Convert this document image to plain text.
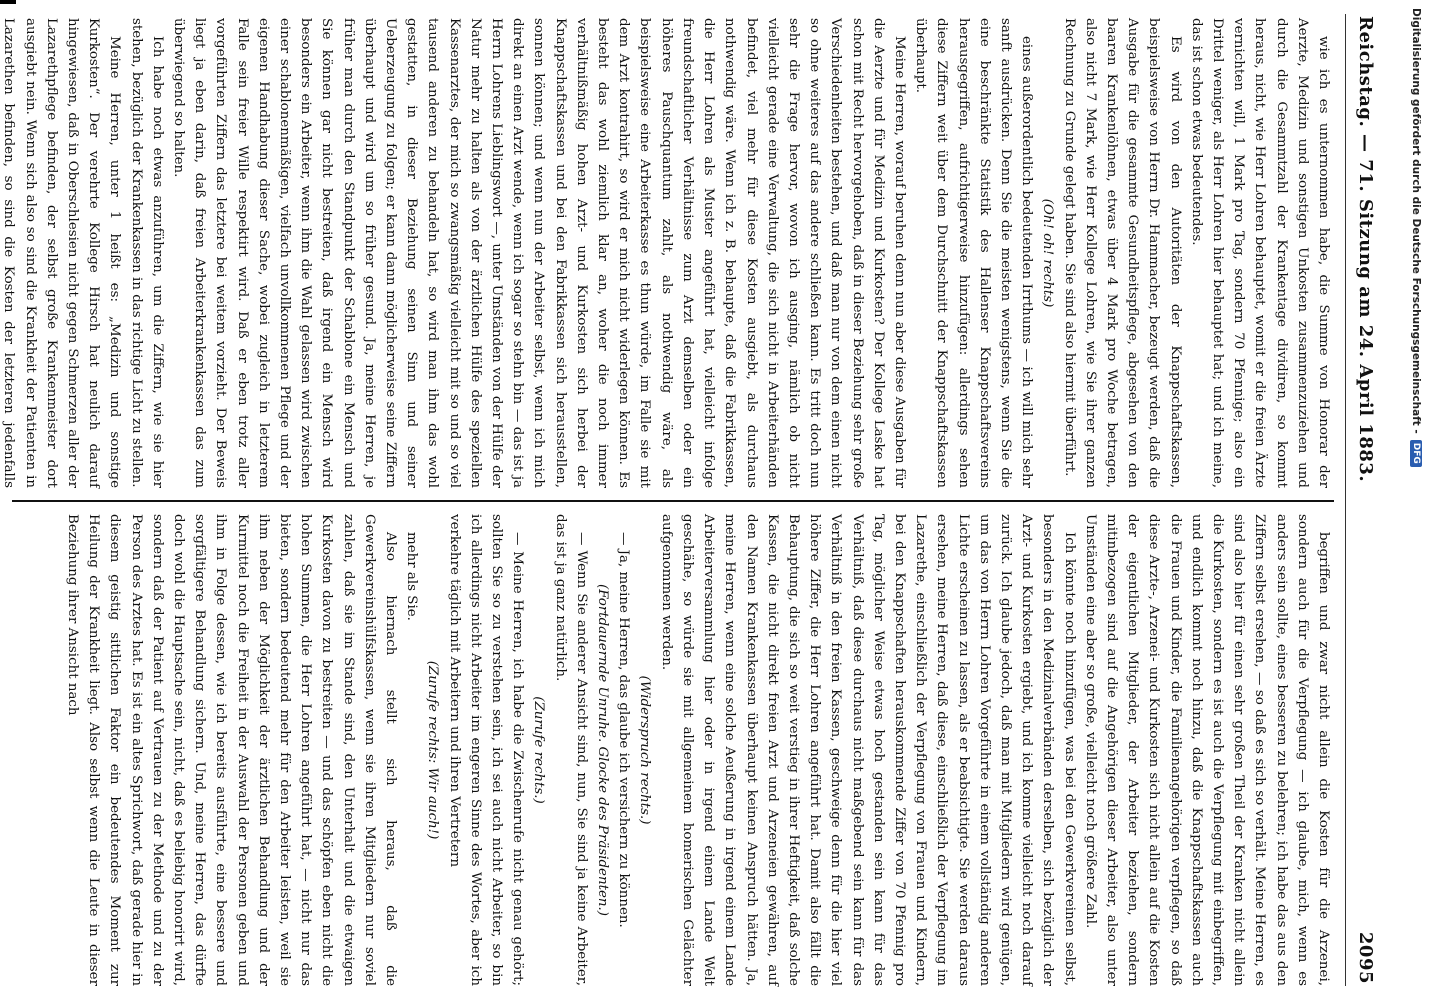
Reichstag. — 71. Sitzung am 24. April 1883.
2095

wie ich es unternommen habe, die Summe von Honorar der Aerzte, Medizin und sonstigen Unkosten zusammenzuziehen und durch die Gesammtzahl der Krankentage dividiren, so kommt heraus, nicht, wie Herr Lohren behauptet, womit er die freien Ärzte vernichten will, 1 Mark pro Tag, sondern 70 Pfennige; also ein Drittel weniger, als Herr Lohren hier behauptet hat; und ich meine, das ist schon etwas bedeutendes.

Es wird von den Autoritäten der Knappschaftskassen, beispielsweise von Herrn Dr. Hammacher, bezeugt werden, daß die Ausgabe für die gesammte Gesundheitspflege, abgesehen von den baaren Krankenlöhnen, etwas über 4 Mark pro Woche betragen, also nicht 7 Mark, wie Herr Kollege Lohren, wie Sie ihrer ganzen Rechnung zu Grunde gelegt haben. Sie sind also hiermit überführt.

(Oh! oh! rechts)

eines außerordentlich bedeutenden Irrthums — ich will mich sehr sanft ausdrücken. Denn Sie die meisten wenigstens, wenn Sie die eine beschränkte Statistik des Hallenser Knappschaftsvereins herausgegriffen, aufrichtigerweise hinzufügen: allerdings sehen diese Ziffern weit über dem Durchschnitt der Knappschaftskassen überhaupt.

Meine Herren, worauf beruhen denn nun aber diese Ausgaben für die Aerzte und für Medizin und Kurkosten? Der Kollege Laske hat schon mit Recht hervorgehoben, daß in dieser Beziehung sehr große Verschiedenheiten bestehen, und daß man nur von dem einen nicht so ohne weiteres auf das andere schließen kann. Es tritt doch nun sehr die Frage hervor, wovon ich ausging, nämlich ob nicht vielleicht gerade eine Verwaltung, die sich nicht in Arbeiterhänden befindet, viel mehr für diese Kosten ausgiebt, als durchaus nothwendig wäre. Wenn ich z. B. behaupte, daß die Fabrikkassen, die Herr Lohren als Muster angeführt hat, vielleicht infolge freundschaftlicher Verhältnisse zum Arzt demselben oder ein höheres Pauschquantum zahlt, als nothwendig wäre, als beispielsweise eine Arbeiterkasse es thun würde, im Falle sie mit dem Arzt kontrahirt, so wird er mich nicht widerlegen können. Es besteht das wohl ziemlich klar an, woher die noch immer verhältnißmäßig hohen Arzt- und Kurkosten sich herbei der Knappschaftskassen und bei den Fabrikkassen sich herausstellen, sonnen können; und wenn nun der Arbeiter selbst, wenn ich mich direkt an einen Arzt wende, wenn ich sogar so stehn bin — das ist ja Herrn Lohrens Lieblingswort —, unter Umständen von der Hülfe der Natur mehr zu halten als von der ärztlichen Hülfe des speziellen Kassenarztes, der mich so zwangsmäßig vielleicht mit so und so viel tausend anderen zu behandeln hat, so wird man ihm das wohl gestatten, in dieser Beziehung seinen Sinn und seiner Ueberzeugung zu folgen; er kann dann möglicherweise seine Ziffern überhaupt und wird um so früher gesund. Ja, meine Herren, je früher man durch den Standpunkt der Schablone ein Mensch und Sie können gar nicht bestreiten, daß irgend ein Mensch wird besonders ein Arbeiter, wenn ihm die Wahl gelassen wird zwischen einer schablonenmäßigen, vielfach unvollkommenen Pflege und der eigenen Handhabung dieser Sache, wobei zugleich in letzterem Falle sein freier Wille respektirt wird. Daß er eben trotz aller vorgeführten Ziffern das letztere bei weitem vorzieht. Der Beweis liegt ja eben darin, daß freien Arbeiterkrankenkassen das zum überwiegend so halten.

Ich habe noch etwas anzuführen, um die Ziffern, wie sie hier stehen, bezüglich der Krankenkassen in das richtige Licht zu stellen.

Meine Herren, unter 1 heißt es: „Medizin und sonstige Kurkosten“. Der verehrte Kollege Hirsch hat neulich darauf hingewiesen, daß in Oberschlesien nicht gegen Schmerzen aller der Lazarethpflege befinden, der selbst große Krankenmeister dort ausgiebt nein. Wenn sich also so sind die Krankheit der Patienten in Lazarethen befinden, so sind die Kosten der letzteren jedenfalls

begriffen und zwar nicht allein die Kosten für die Arzenei, sondern auch für die Verpflegung — ich glaube, mich, wenn es anders sein sollte, eines besseren zu belehren; ich habe das aus den Ziffern selbst ersehen, — so daß es sich so verhält. Meine Herren, es sind also hier für einen sehr großen Theil der Kranken nicht allein die Kurkosten, sondern es ist auch die Verpflegung mit einbegriffen, und endlich kommt noch hinzu, daß die Knappschaftskassen auch die Frauen und Kinder, die Familienangehörigen verpflegen, so daß diese Arzte-, Arzenei- und Kurkosten sich nicht allein auf die Kosten der eigentlichen Mitglieder, der Arbeiter beziehen, sondern mitinbezogen sind auf die Angehörigen dieser Arbeiter, also unter Umständen eine aber so große, vielleicht noch größere Zahl.

Ich könnte noch hinzufügen, was bei den Gewerkvereinen selbst, besonders in den Medizinalverbänden derselben, sich bezüglich der Arzt- und Kurkosten ergiebt, und ich komme vielleicht noch darauf zurück. Ich glaube jedoch, daß man mit Mitgliedern wird genügen, um das von Herrn Lohren Vorgeführte in einem vollständig anderen Lichte erscheinen zu lassen, als er beabsichtigte. Sie werden daraus ersehen, meine Herren, daß diese, einschließlich der Verpflegung im Lazarethe, einschließlich der Verpflegung von Frauen und Kindern, bei den Knappschaften herauskommende Ziffer von 70 Pfennig pro Tag, möglicher Weise etwas hoch gestanden sein kann für das Verhältniß, daß diese durchaus nicht maßgebend sein kann für das Verhältniß in den freien Kassen, geschweige denn für die hier viel höhere Ziffer, die Herr Lohren angeführt hat. Damit also fällt die Behauptung, die sich so weit verstieg in ihrer Heftigkeit, daß solche Kassen, die nicht direkt freien Arzt und Arzeneien gewähren, auf den Namen Krankenkassen überhaupt keinen Anspruch hätten. Ja, meine Herren, wenn eine solche Aeußerung in irgend einem Lande Arbeiterversammlung hier oder in irgend einem Lande Welt geschähe, so würde sie mit allgemeinem homerischen Gelächter aufgenommen werden.

(Widerspruch rechts.)

— Ja, meine Herren, das glaube ich versichern zu können.

(Fortdauernde Unruhe. Glocke des Präsidenten.)

— Wenn Sie anderer Ansicht sind, nun, Sie sind ja keine Arbeiter, das ist ja ganz natürlich.

(Zurufe rechts.)

— Meine Herren, ich habe die Zwischenrufe nicht genau gehört; sollten Sie so zu verstehen sein, ich sei auch nicht Arbeiter, so bin ich allerdings nicht Arbeiter im engeren Sinne des Wortes, aber ich verkehre täglich mit Arbeitern und ihren Vertretern

(Zurufe rechts: Wir auch!)

mehr als Sie.

Also hiernach stellt sich heraus, daß die Gewerkvereinshülfskassen, wenn sie ihren Mitgliedern nur soviel zahlen, daß sie im Stande sind, den Unterhalt und die etwaigen Kurkosten davon zu bestreiten — und das schöpfen eben nicht die hohen Summen, die Herr Lohren angeführt hat, — nicht nur das bieten, sondern bedeutend mehr für den Arbeiter leisten, weil sie ihm neben der Möglichkeit der ärztlichen Behandlung und der Kurmittel noch die Freiheit in der Auswahl der Personen geben und ihm in Folge dessen, wie ich bereits ausführte, eine bessere und sorgfältigere Behandlung sichern. Und, meine Herren, das dürfte doch wohl die Hauptsache sein, nicht, daß es beliebig honorirt wird, sondern daß der Patient auf Vertrauen zu der Methode und zu der Person des Arztes hat. Es ist ein altes Sprichwort, daß gerade hier in diesem geistig sittlichen Faktor ein bedeutendes Moment zur Heilung der Krankheit liegt. Also selbst wenn die Leute in dieser Beziehung ihrer Ansicht nach

Digitalisierung gefördert durch die Deutsche Forschungsgemeinschaft -
DFG
